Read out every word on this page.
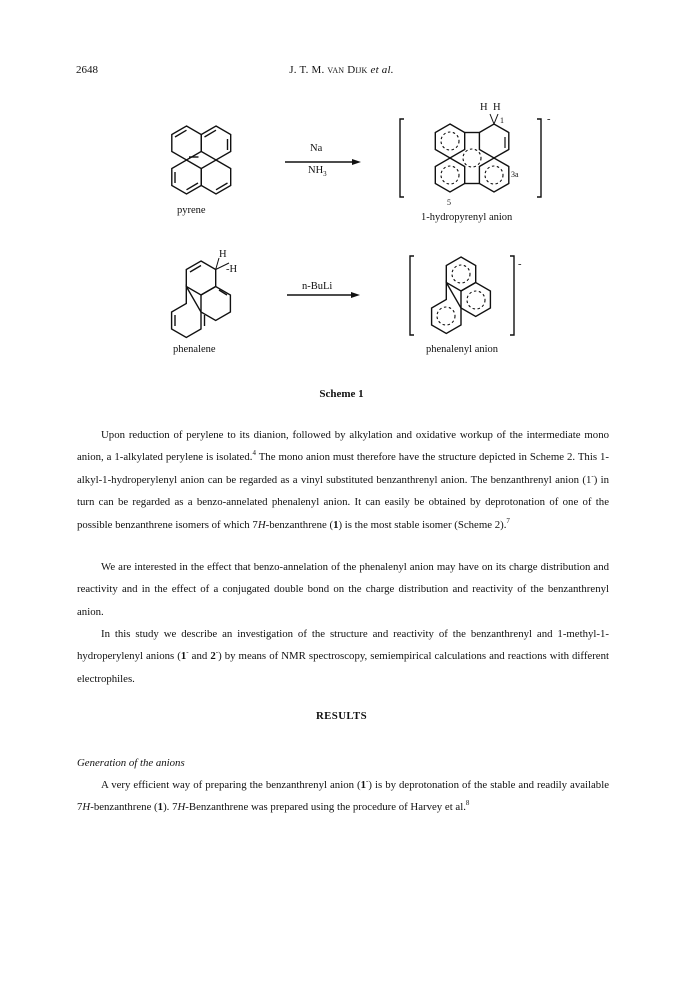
2648	J. T. M. van Dijk et al.
pyrene
Na
$NH_3$
H H
1
3a
5
-
1-hydropyrenyl anion
H
-H
n-BuLi
-
phenalene	phenalenyl anion
Scheme 1

Upon reduction of perylene to its dianion, followed by alkylation and oxidative workup of the intermediate mono anion, a 1-alkylated perylene is isolated.$^4$ The mono anion must therefore have the structure depicted in Scheme 2. This 1-alkyl-1-hydroperylenyl anion can be regarded as a vinyl substituted benzanthrenyl anion. The benzanthrenyl anion (1-) in turn can be regarded as a benzo-annelated phenalenyl anion. It can easily be obtained by deprotonation of one of the possible benzanthrene isomers of which 7H-benzanthrene (1) is the most stable isomer (Scheme 2).$^7$

We are interested in the effect that benzo-annelation of the phenalenyl anion may have on its charge distribution and reactivity and in the effect of a conjugated double bond on the charge distribution and reactivity of the benzanthrenyl anion.

In this study we describe an investigation of the structure and reactivity of the benzanthrenyl and 1-methyl-1-hydroperylenyl anions (1- and 2-) by means of NMR spectroscopy, semiempirical calculations and reactions with different electrophiles.

RESULTS
Generation of the anions

A very efficient way of preparing the benzanthrenyl anion (1-) is by deprotonation of the stable and readily available 7H-benzanthrene (1). 7H-Benzanthrene was prepared using the procedure of Harvey et al.$^8$
